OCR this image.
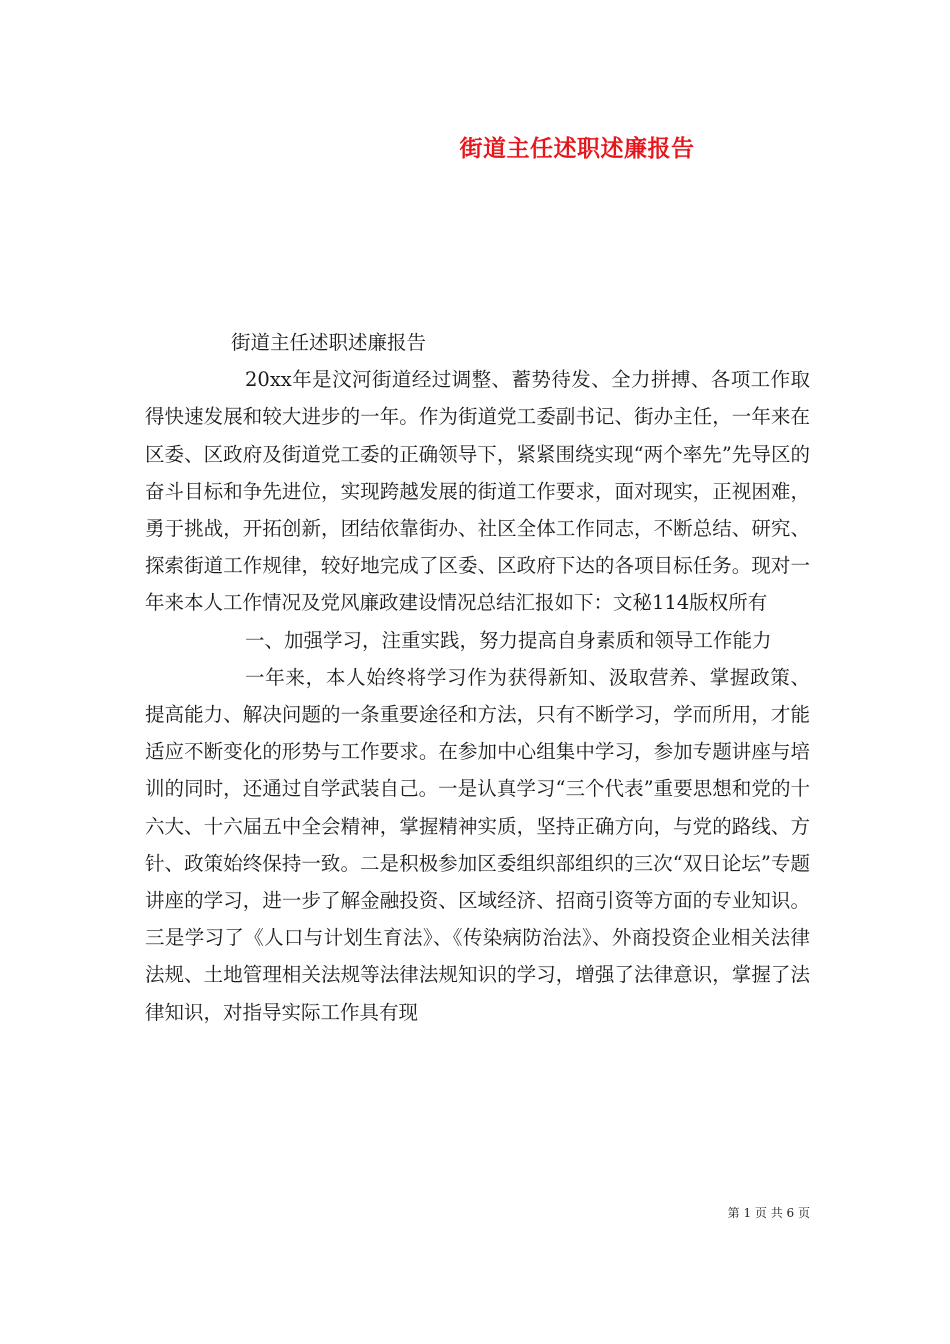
街道主任述职述廉报告

街道主任述职述廉报告

20xx年是汶河街道经过调整、蓄势待发、全力拼搏、各项工作取得快速发展和较大进步的一年。作为街道党工委副书记、街办主任，一年来在区委、区政府及街道党工委的正确领导下，紧紧围绕实现“两个率先”先导区的奋斗目标和争先进位，实现跨越发展的街道工作要求，面对现实，正视困难，勇于挑战，开拓创新，团结依靠街办、社区全体工作同志，不断总结、研究、探索街道工作规律，较好地完成了区委、区政府下达的各项目标任务。现对一年来本人工作情况及党风廉政建设情况总结汇报如下：文秘114版权所有

一、加强学习，注重实践，努力提高自身素质和领导工作能力

一年来，本人始终将学习作为获得新知、汲取营养、掌握政策、提高能力、解决问题的一条重要途径和方法，只有不断学习，学而所用，才能适应不断变化的形势与工作要求。在参加中心组集中学习，参加专题讲座与培训的同时，还通过自学武装自己。一是认真学习“三个代表”重要思想和党的十六大、十六届五中全会精神，掌握精神实质，坚持正确方向，与党的路线、方针、政策始终保持一致。二是积极参加区委组织部组织的三次“双日论坛”专题讲座的学习，进一步了解金融投资、区域经济、招商引资等方面的专业知识。三是学习了《人口与计划生育法》、《传染病防治法》、外商投资企业相关法律法规、土地管理相关法规等法律法规知识的学习，增强了法律意识，掌握了法律知识，对指导实际工作具有现

第 1 页 共 6 页
